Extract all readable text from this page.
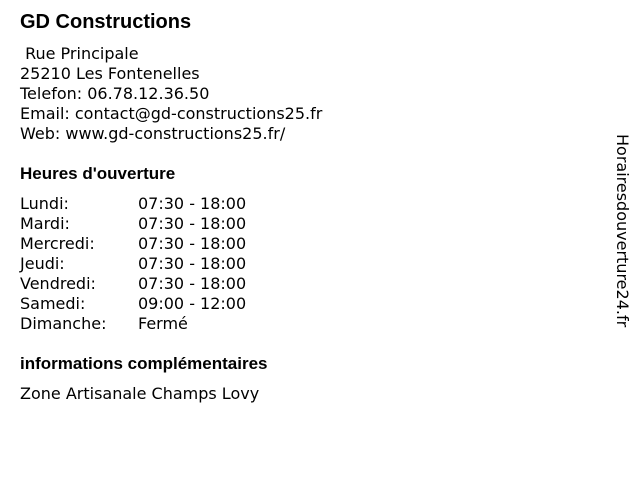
GD Constructions
Rue Principale
25210 Les Fontenelles
Telefon: 06.78.12.36.50
Email: contact@gd-constructions25.fr
Web: www.gd-constructions25.fr/
Heures d'ouverture
Lundi:	07:30 - 18:00
Mardi:	07:30 - 18:00
Mercredi:	07:30 - 18:00
Jeudi:	07:30 - 18:00
Vendredi:	07:30 - 18:00
Samedi:	09:00 - 12:00
Dimanche:	Fermé
informations complémentaires
Zone Artisanale Champs Lovy
Horairesdouverture24.fr
